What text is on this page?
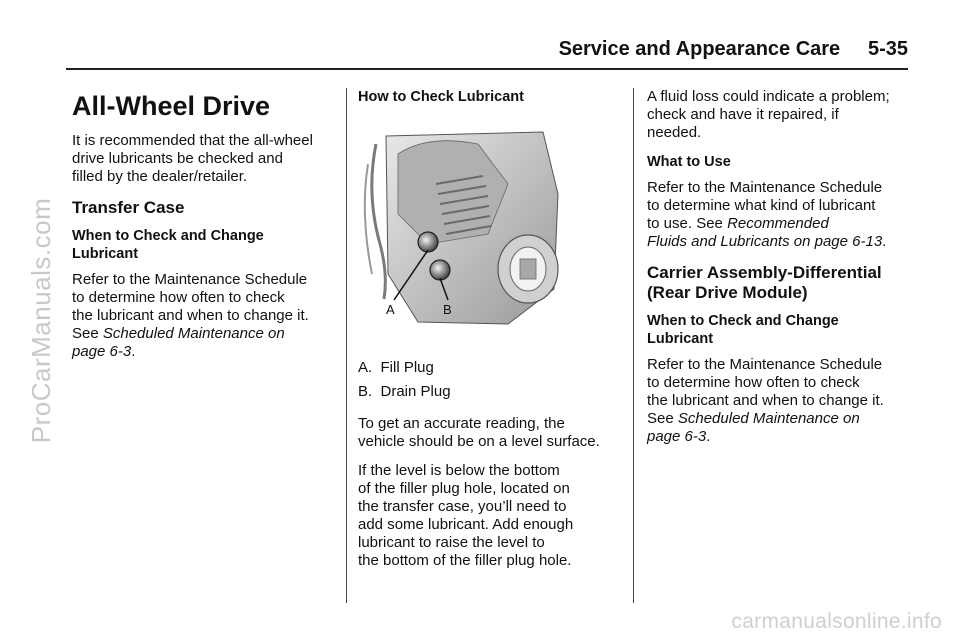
ProCarManuals.com
carmanualsonline.info
Service and Appearance Care     5-35
All-Wheel Drive

It is recommended that the all-wheel
drive lubricants be checked and
filled by the dealer/retailer.

Transfer Case
When to Check and Change
Lubricant

Refer to the Maintenance Schedule
to determine how often to check
the lubricant and when to change it.
See Scheduled Maintenance on
page 6-3.

How to Check Lubricant
A	B

A.  Fill Plug

B.  Drain Plug

To get an accurate reading, the
vehicle should be on a level surface.

If the level is below the bottom
of the filler plug hole, located on
the transfer case, you’ll need to
add some lubricant. Add enough
lubricant to raise the level to
the bottom of the filler plug hole.

A fluid loss could indicate a problem;
check and have it repaired, if
needed.

What to Use

Refer to the Maintenance Schedule
to determine what kind of lubricant
to use. See Recommended
Fluids and Lubricants on page 6-13.

Carrier Assembly-Differential
(Rear Drive Module)
When to Check and Change
Lubricant

Refer to the Maintenance Schedule
to determine how often to check
the lubricant and when to change it.
See Scheduled Maintenance on
page 6-3.
